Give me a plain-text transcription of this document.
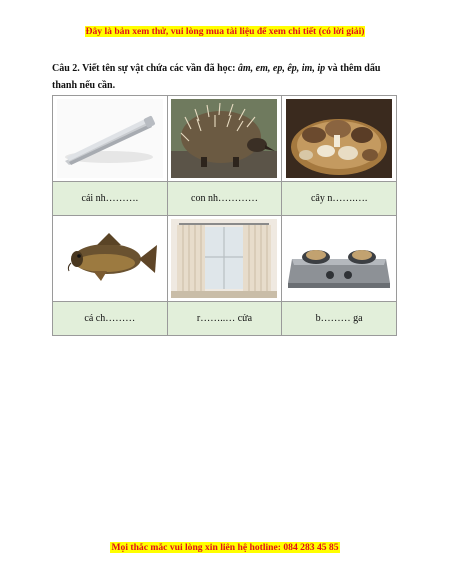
Đây là bản xem thử, vui lòng mua tài liệu để xem chi tiết (có lời giải)
Câu 2. Viết tên sự vật chứa các vần đã học: âm, em, ep, êp, im, ip và thêm dấu thanh nếu cần.

cái nh……….	con nh…………	cây n…….….

cá ch………	r……..… cửa	b……… ga
Mọi thắc mắc vui lòng xin liên hệ hotline: 084 283 45 85
